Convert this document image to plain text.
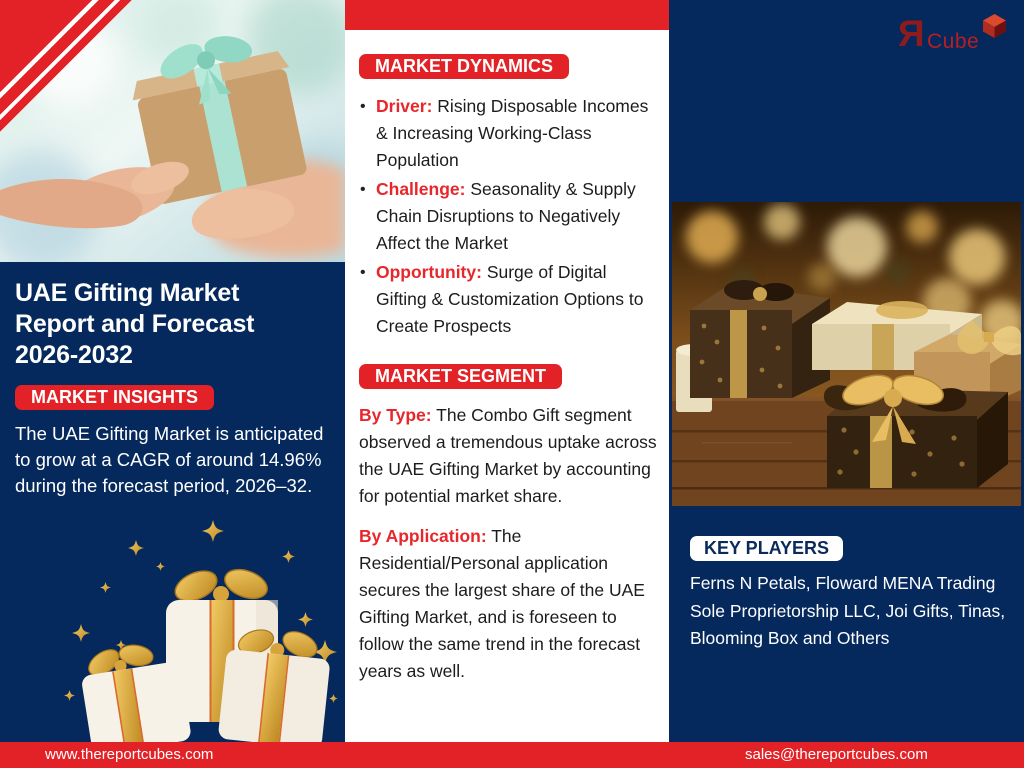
UAE Gifting Market
Report and Forecast
2026-2032
MARKET INSIGHTS
The UAE Gifting Market is anticipated to grow at a CAGR of around 14.96% during the forecast period, 2026–32.
MARKET DYNAMICS
• Driver: Rising Disposable Incomes & Increasing Working-Class Population
• Challenge: Seasonality & Supply Chain Disruptions to Negatively Affect the Market
• Opportunity: Surge of Digital Gifting & Customization Options to Create Prospects
MARKET SEGMENT

By Type: The Combo Gift segment observed a tremendous uptake across the UAE Gifting Market by accounting for potential market share.

By Application: The Residential/Personal application secures the largest share of the UAE Gifting Market, and is foreseen to follow the same trend in the forecast years as well.

Я Cube
KEY PLAYERS
Ferns N Petals, Floward MENA Trading Sole Proprietorship LLC, Joi Gifts, Tinas, Blooming Box and Others
www.thereportcubes.com	sales@thereportcubes.com
